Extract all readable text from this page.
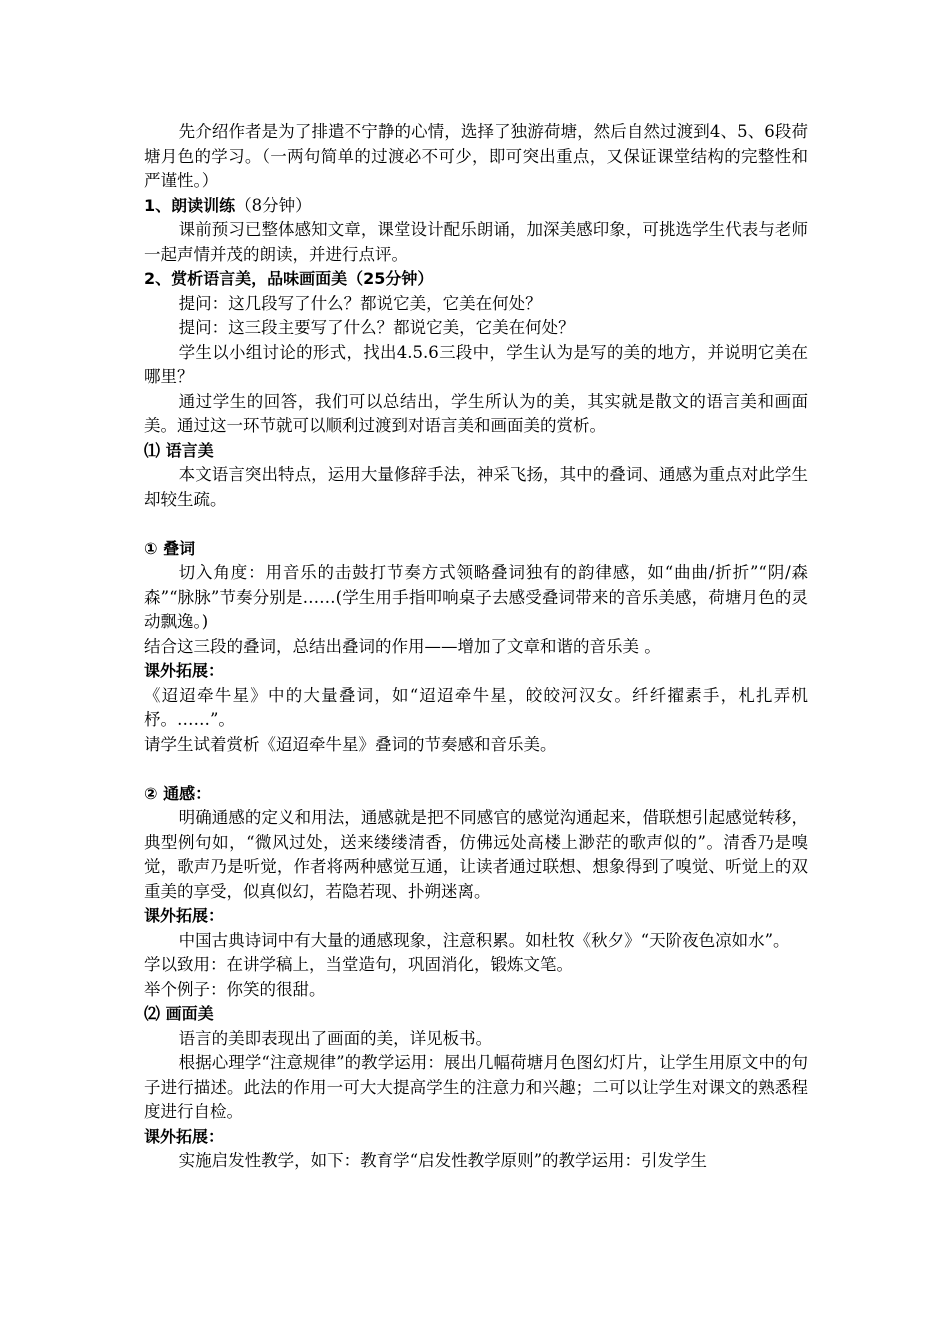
先介绍作者是为了排遣不宁静的心情，选择了独游荷塘，然后自然过渡到4、5、6段荷塘月色的学习。（一两句简单的过渡必不可少，即可突出重点，又保证课堂结构的完整性和严谨性。）

1、朗读训练（8分钟）

课前预习已整体感知文章，课堂设计配乐朗诵，加深美感印象，可挑选学生代表与老师一起声情并茂的朗读，并进行点评。

2、赏析语言美，品味画面美（25分钟）

提问：这几段写了什么？都说它美，它美在何处？

提问：这三段主要写了什么？都说它美，它美在何处？

学生以小组讨论的形式，找出4.5.6三段中，学生认为是写的美的地方，并说明它美在哪里？

通过学生的回答，我们可以总结出，学生所认为的美，其实就是散文的语言美和画面美。通过这一环节就可以顺利过渡到对语言美和画面美的赏析。

⑴ 语言美

本文语言突出特点，运用大量修辞手法，神采飞扬，其中的叠词、通感为重点对此学生却较生疏。

① 叠词

切入角度：用音乐的击鼓打节奏方式领略叠词独有的韵律感，如“曲曲/折折”“阴/森森”“脉脉”节奏分别是……(学生用手指叩响桌子去感受叠词带来的音乐美感，荷塘月色的灵动飘逸。)

结合这三段的叠词，总结出叠词的作用——增加了文章和谐的音乐美 。

课外拓展：

《迢迢牵牛星》中的大量叠词，如“迢迢牵牛星，皎皎河汉女。纤纤擢素手，札扎弄机杼。……”。

请学生试着赏析《迢迢牵牛星》叠词的节奏感和音乐美。

② 通感：

明确通感的定义和用法，通感就是把不同感官的感觉沟通起来，借联想引起感觉转移，典型例句如，“微风过处，送来缕缕清香，仿佛远处高楼上渺茫的歌声似的”。清香乃是嗅觉，歌声乃是听觉，作者将两种感觉互通，让读者通过联想、想象得到了嗅觉、听觉上的双重美的享受，似真似幻，若隐若现、扑朔迷离。

课外拓展：

中国古典诗词中有大量的通感现象，注意积累。如杜牧《秋夕》“天阶夜色凉如水”。

学以致用：在讲学稿上，当堂造句，巩固消化，锻炼文笔。

举个例子：你笑的很甜。

⑵ 画面美

语言的美即表现出了画面的美，详见板书。

根据心理学“注意规律”的教学运用：展出几幅荷塘月色图幻灯片，让学生用原文中的句子进行描述。此法的作用一可大大提高学生的注意力和兴趣；二可以让学生对课文的熟悉程度进行自检。

课外拓展：

实施启发性教学，如下：教育学“启发性教学原则”的教学运用：引发学生
